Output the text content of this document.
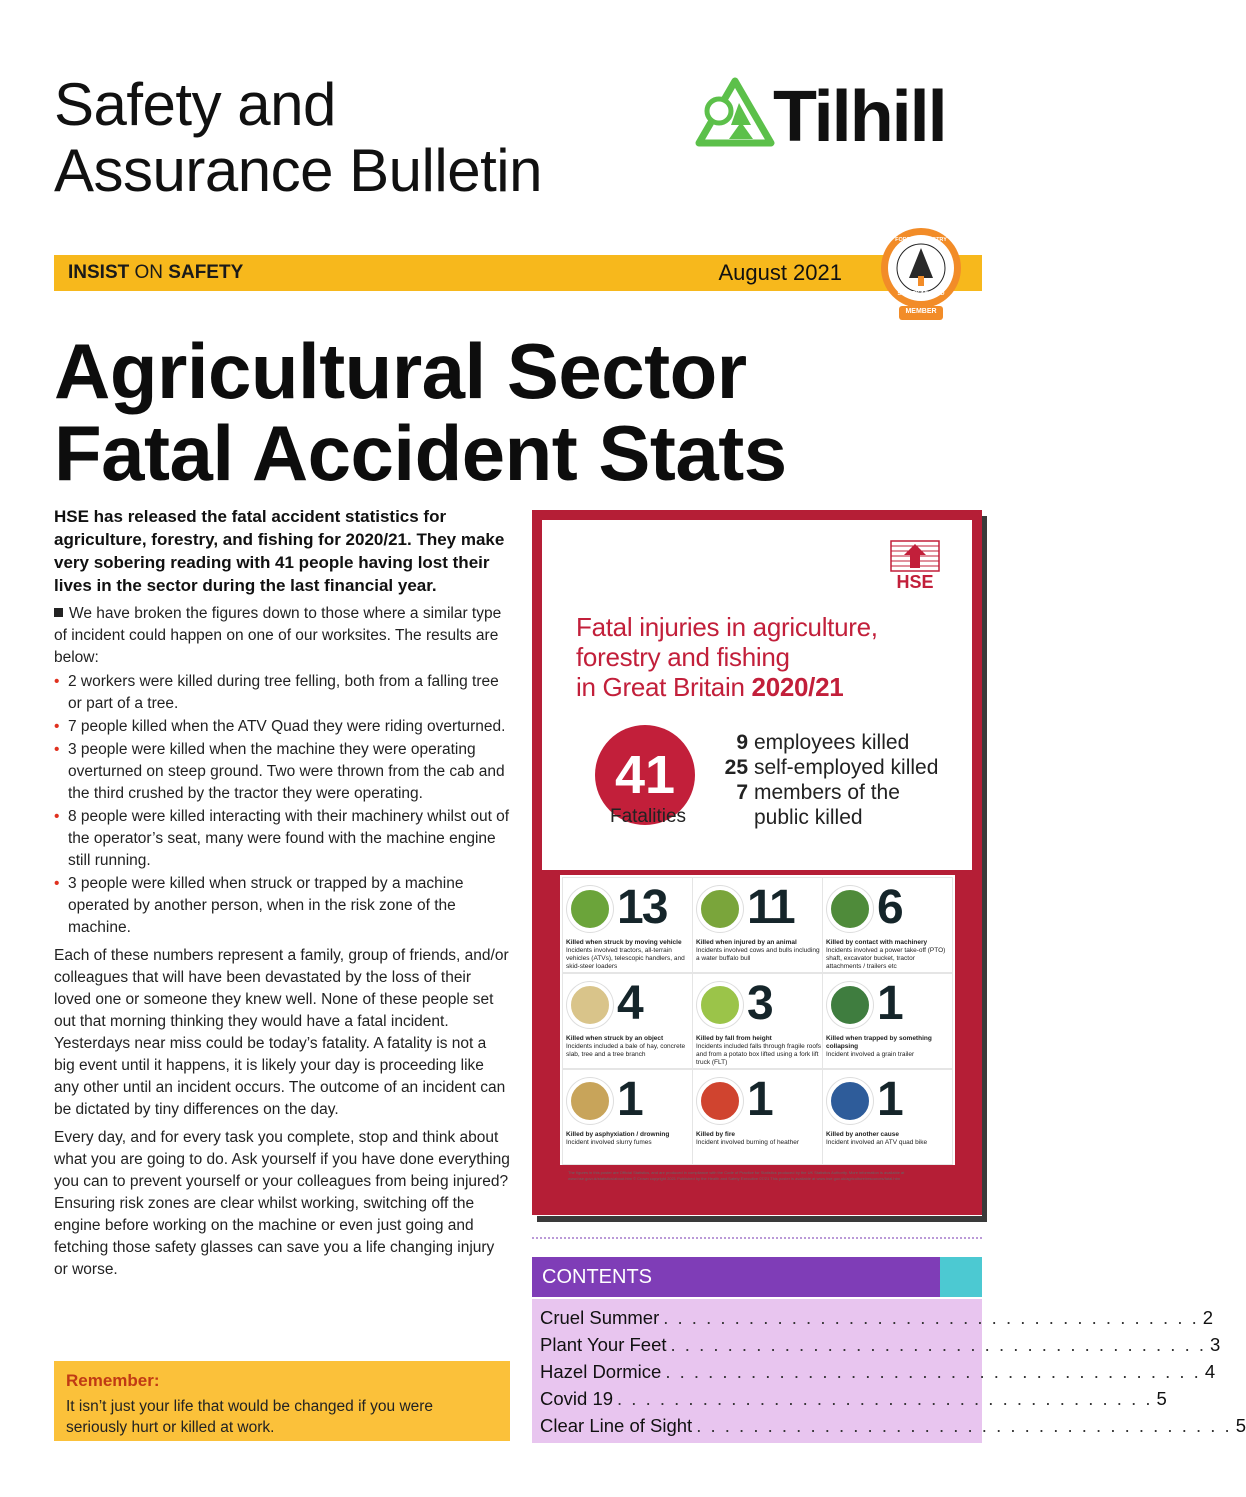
Safety and
Assurance Bulletin
Tilhill
INSIST ON SAFETY	August 2021
MEMBER
FOREST INDUSTRY
SAFETY ACCORD
Agricultural Sector
Fatal Accident Stats

HSE has released the fatal accident statistics for agriculture, forestry, and fishing for 2020/21. They make very sobering reading with 41 people having lost their lives in the sector during the last financial year.

We have broken the figures down to those where a similar type of incident could happen on one of our worksites. The results are below:

• 2 workers were killed during tree felling, both from a falling tree or part of a tree.
• 7 people killed when the ATV Quad they were riding overturned.
• 3 people were killed when the machine they were operating overturned on steep ground. Two were thrown from the cab and the third crushed by the tractor they were operating.
• 8 people were killed interacting with their machinery whilst out of the operator’s seat, many were found with the machine engine still running.
• 3 people were killed when struck or trapped by a machine operated by another person, when in the risk zone of the machine.

Each of these numbers represent a family, group of friends, and/or colleagues that will have been devastated by the loss of their loved one or someone they knew well. None of these people set out that morning thinking they would have a fatal incident. Yesterdays near miss could be today’s fatality. A fatality is not a big event until it happens, it is likely your day is proceeding like any other until an incident occurs. The outcome of an incident can be dictated by tiny differences on the day.

Every day, and for every task you complete, stop and think about what you are going to do. Ask yourself if you have done everything you can to prevent yourself or your colleagues from being injured? Ensuring risk zones are clear whilst working, switching off the engine before working on the machine or even just going and fetching those safety glasses can save you a life changing injury or worse.

Remember:

It isn’t just your life that would be changed if you were seriously hurt or killed at work.

HSE
Fatal injuries in agriculture,
forestry and fishing
in Great Britain 2020/21
41
Fatalities
9 employees killed
25 self-employed killed
7 members of the
public killed
13
Killed when struck by moving vehicle
Incidents involved tractors, all-terrain vehicles (ATVs), telescopic handlers, and skid-steer loaders
11
Killed when injured by an animal
Incidents involved cows and bulls including a water buffalo bull
6
Killed by contact with machinery
Incidents involved a power take-off (PTO) shaft, excavator bucket, tractor attachments / trailers etc
4
Killed when struck by an object
Incidents included a bale of hay, concrete slab, tree and a tree branch
3
Killed by fall from height
Incidents included falls through fragile roofs and from a potato box lifted using a fork lift truck (FLT)
1
Killed when trapped by something collapsing
Incident involved a grain trailer
1
Killed by asphyxiation / drowning
Incident involved slurry fumes
1
Killed by fire
Incident involved burning of heather
1
Killed by another cause
Incident involved an ATV quad bike
The figures in this poster are Official Statistics, and are produced in compliance with the Code of Practice for Statistics produced by the UK Statistics Authority. More information is available at www.hse.gov.uk/statistics/about.htm © Crown copyright 2021 Published by the Health and Safety Executive 07/21 This poster is available at www.hse.gov.uk/agriculture/resources/fatal.htm
CONTENTS
Cruel Summer . . . . . . . . . . . . . . . . . . . . . . . . . . . . . . . . . . . . . . 2
Plant Your Feet . . . . . . . . . . . . . . . . . . . . . . . . . . . . . . . . . . . . . . 3
Hazel Dormice . . . . . . . . . . . . . . . . . . . . . . . . . . . . . . . . . . . . . . 4
Covid 19 . . . . . . . . . . . . . . . . . . . . . . . . . . . . . . . . . . . . . . 5
Clear Line of Sight . . . . . . . . . . . . . . . . . . . . . . . . . . . . . . . . . . . . . . 5
